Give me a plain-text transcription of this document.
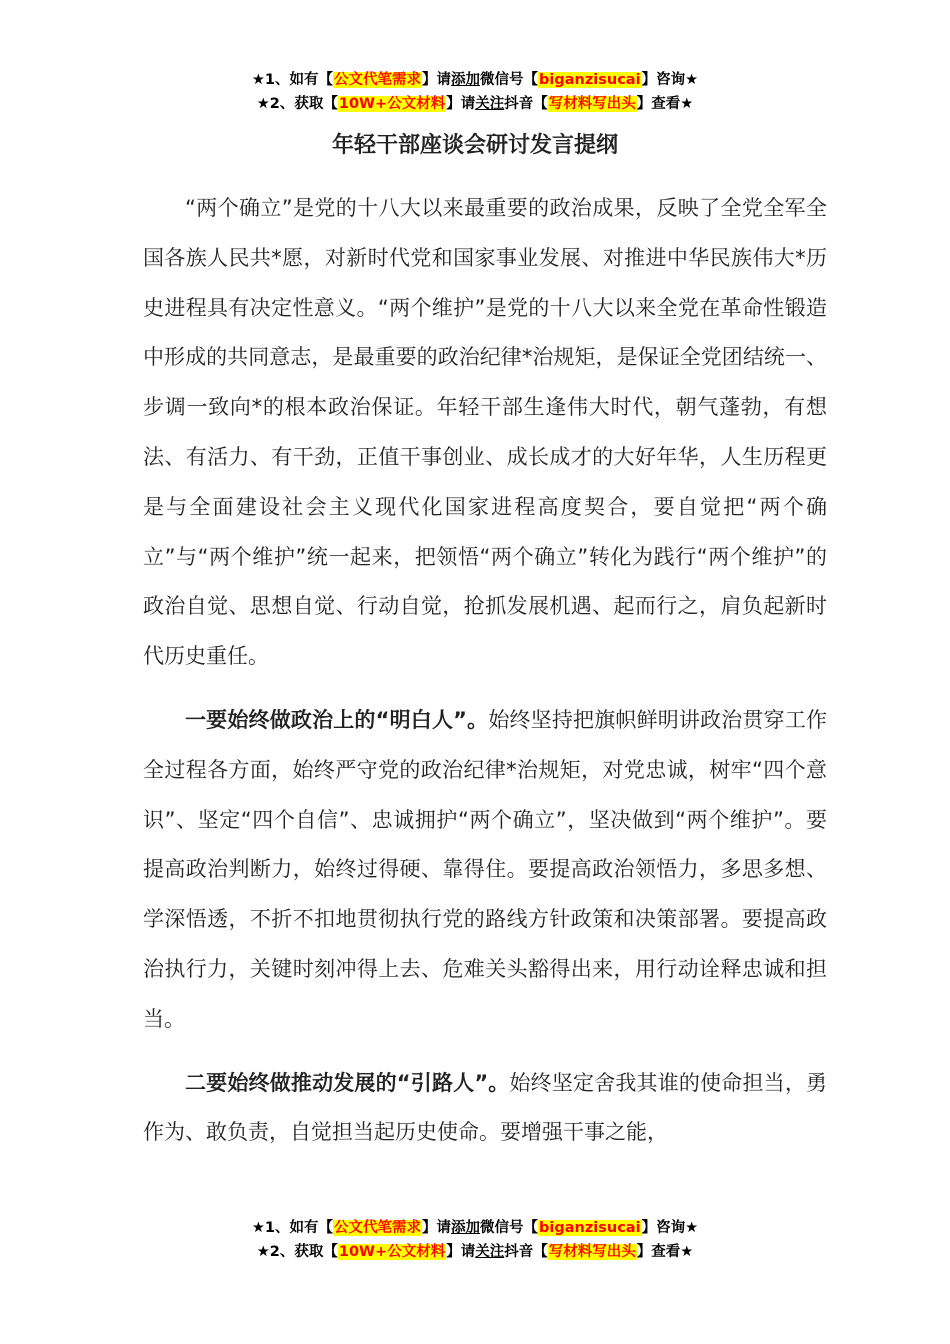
★1、如有【公文代笔需求】请添加微信号【biganzisucai】咨询★
★2、获取【10W+公文材料】请关注抖音【写材料写出头】查看★
年轻干部座谈会研讨发言提纲

“两个确立”是党的十八大以来最重要的政治成果，反映了全党全军全国各族人民共*愿，对新时代党和国家事业发展、对推进中华民族伟大*历史进程具有决定性意义。“两个维护”是党的十八大以来全党在革命性锻造中形成的共同意志，是最重要的政治纪律*治规矩，是保证全党团结统一、步调一致向*的根本政治保证。年轻干部生逢伟大时代，朝气蓬勃，有想法、有活力、有干劲，正值干事创业、成长成才的大好年华，人生历程更是与全面建设社会主义现代化国家进程高度契合，要自觉把“两个确立”与“两个维护”统一起来，把领悟“两个确立”转化为践行“两个维护”的政治自觉、思想自觉、行动自觉，抢抓发展机遇、起而行之，肩负起新时代历史重任。

一要始终做政治上的“明白人”。始终坚持把旗帜鲜明讲政治贯穿工作全过程各方面，始终严守党的政治纪律*治规矩，对党忠诚，树牢“四个意识”、坚定“四个自信”、忠诚拥护“两个确立”，坚决做到“两个维护”。要提高政治判断力，始终过得硬、靠得住。要提高政治领悟力，多思多想、学深悟透，不折不扣地贯彻执行党的路线方针政策和决策部署。要提高政治执行力，关键时刻冲得上去、危难关头豁得出来，用行动诠释忠诚和担当。

二要始终做推动发展的“引路人”。始终坚定舍我其谁的使命担当，勇作为、敢负责，自觉担当起历史使命。要增强干事之能，

★1、如有【公文代笔需求】请添加微信号【biganzisucai】咨询★
★2、获取【10W+公文材料】请关注抖音【写材料写出头】查看★
